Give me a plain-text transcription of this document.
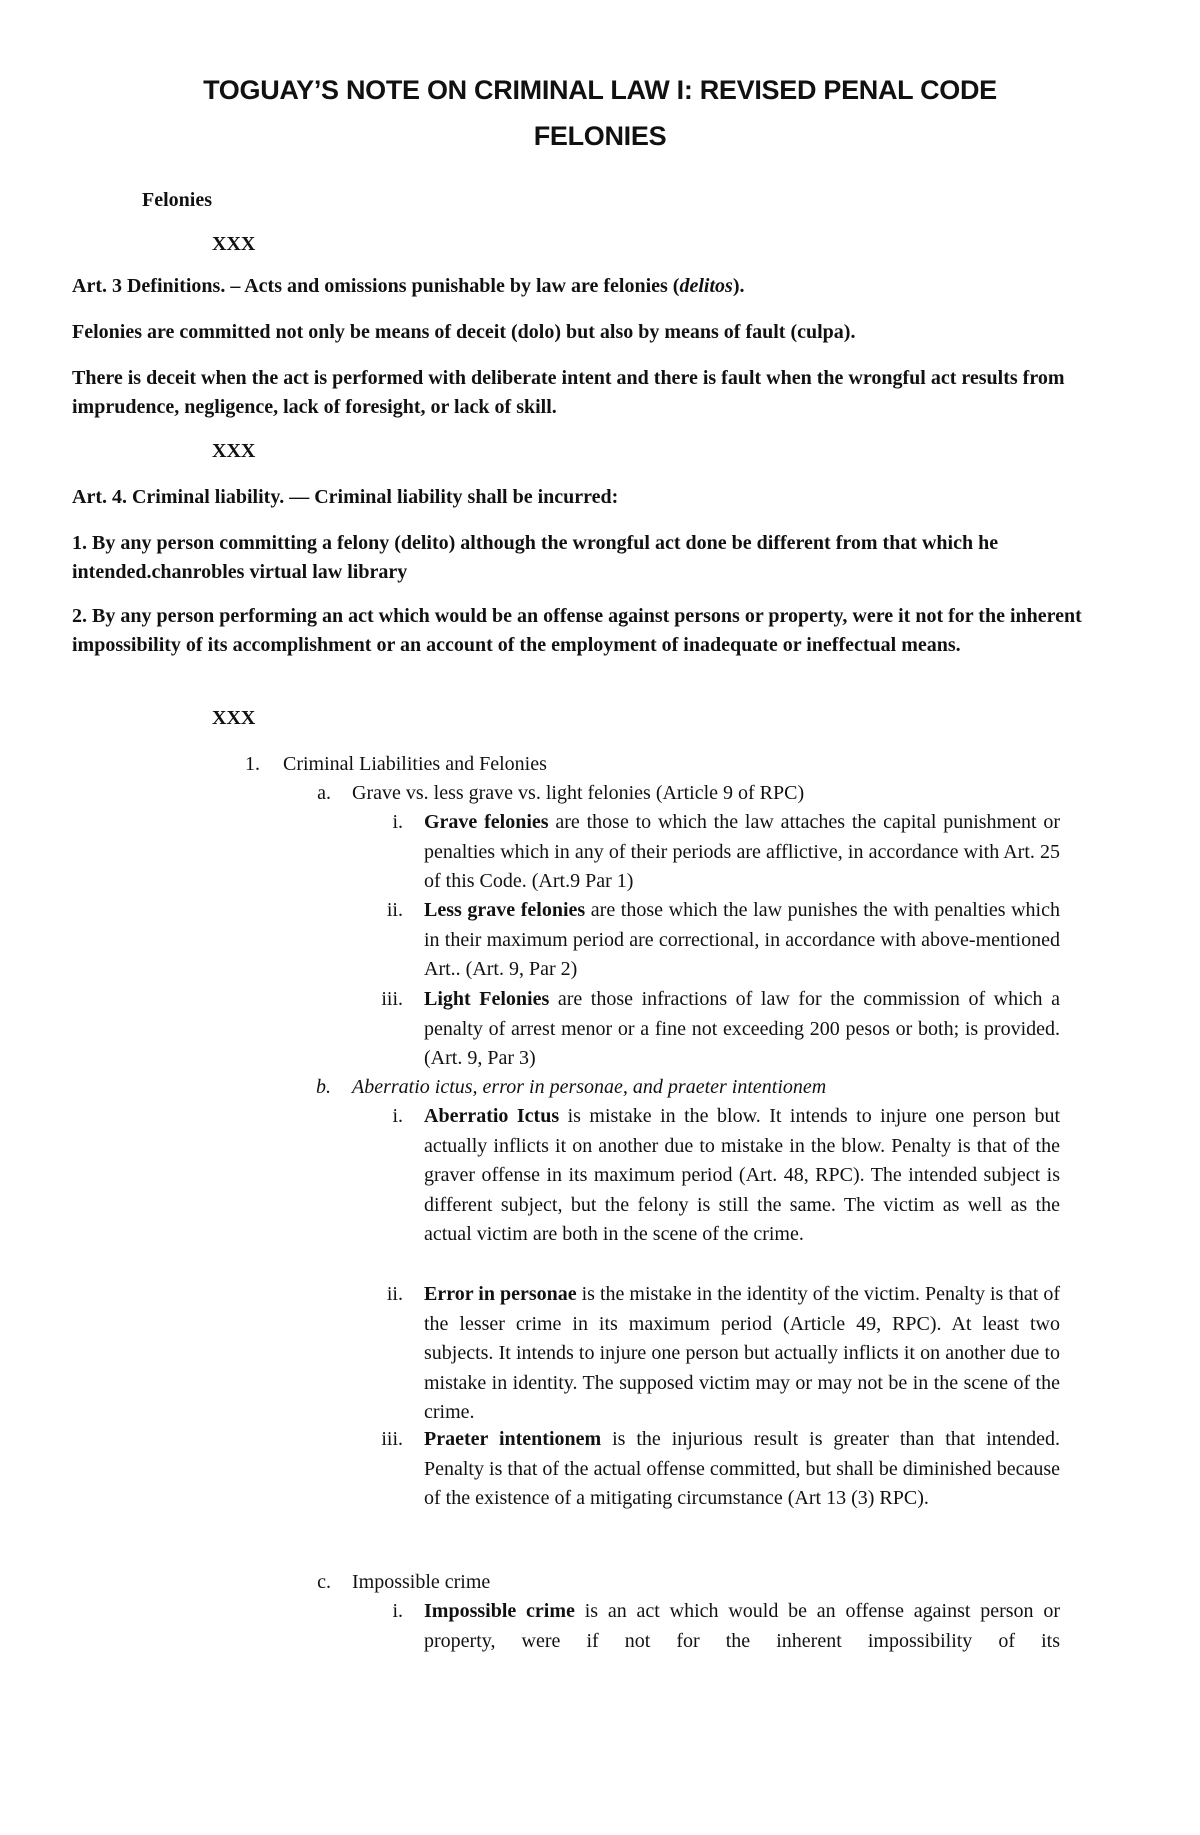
TOGUAY’S NOTE ON CRIMINAL LAW I: REVISED PENAL CODE
FELONIES
Felonies
XXX
Art. 3 Definitions. – Acts and omissions punishable by law are felonies (delitos).
Felonies are committed not only be means of deceit (dolo) but also by means of fault (culpa).
There is deceit when the act is performed with deliberate intent and there is fault when the wrongful act results from imprudence, negligence, lack of foresight, or lack of skill.
XXX
Art. 4. Criminal liability. — Criminal liability shall be incurred:
1. By any person committing a felony (delito) although the wrongful act done be different from that which he intended.chanrobles virtual law library
2. By any person performing an act which would be an offense against persons or property, were it not for the inherent impossibility of its accomplishment or an account of the employment of inadequate or ineffectual means.
XXX
1. Criminal Liabilities and Felonies
a. Grave vs. less grave vs. light felonies (Article 9 of RPC)
i. Grave felonies are those to which the law attaches the capital punishment or penalties which in any of their periods are afflictive, in accordance with Art. 25 of this Code. (Art.9 Par 1)
ii. Less grave felonies are those which the law punishes the with penalties which in their maximum period are correctional, in accordance with above-mentioned Art.. (Art. 9, Par 2)
iii. Light Felonies are those infractions of law for the commission of which a penalty of arrest menor or a fine not exceeding 200 pesos or both; is provided. (Art. 9, Par 3)
b. Aberratio ictus, error in personae, and praeter intentionem
i. Aberratio Ictus is mistake in the blow. It intends to injure one person but actually inflicts it on another due to mistake in the blow. Penalty is that of the graver offense in its maximum period (Art. 48, RPC). The intended subject is different subject, but the felony is still the same. The victim as well as the actual victim are both in the scene of the crime.
ii. Error in personae is the mistake in the identity of the victim. Penalty is that of the lesser crime in its maximum period (Article 49, RPC). At least two subjects. It intends to injure one person but actually inflicts it on another due to mistake in identity. The supposed victim may or may not be in the scene of the crime.
iii. Praeter intentionem is the injurious result is greater than that intended. Penalty is that of the actual offense committed, but shall be diminished because of the existence of a mitigating circumstance (Art 13 (3) RPC).
c. Impossible crime
i. Impossible crime is an act which would be an offense against person or property, were if not for the inherent impossibility of its
